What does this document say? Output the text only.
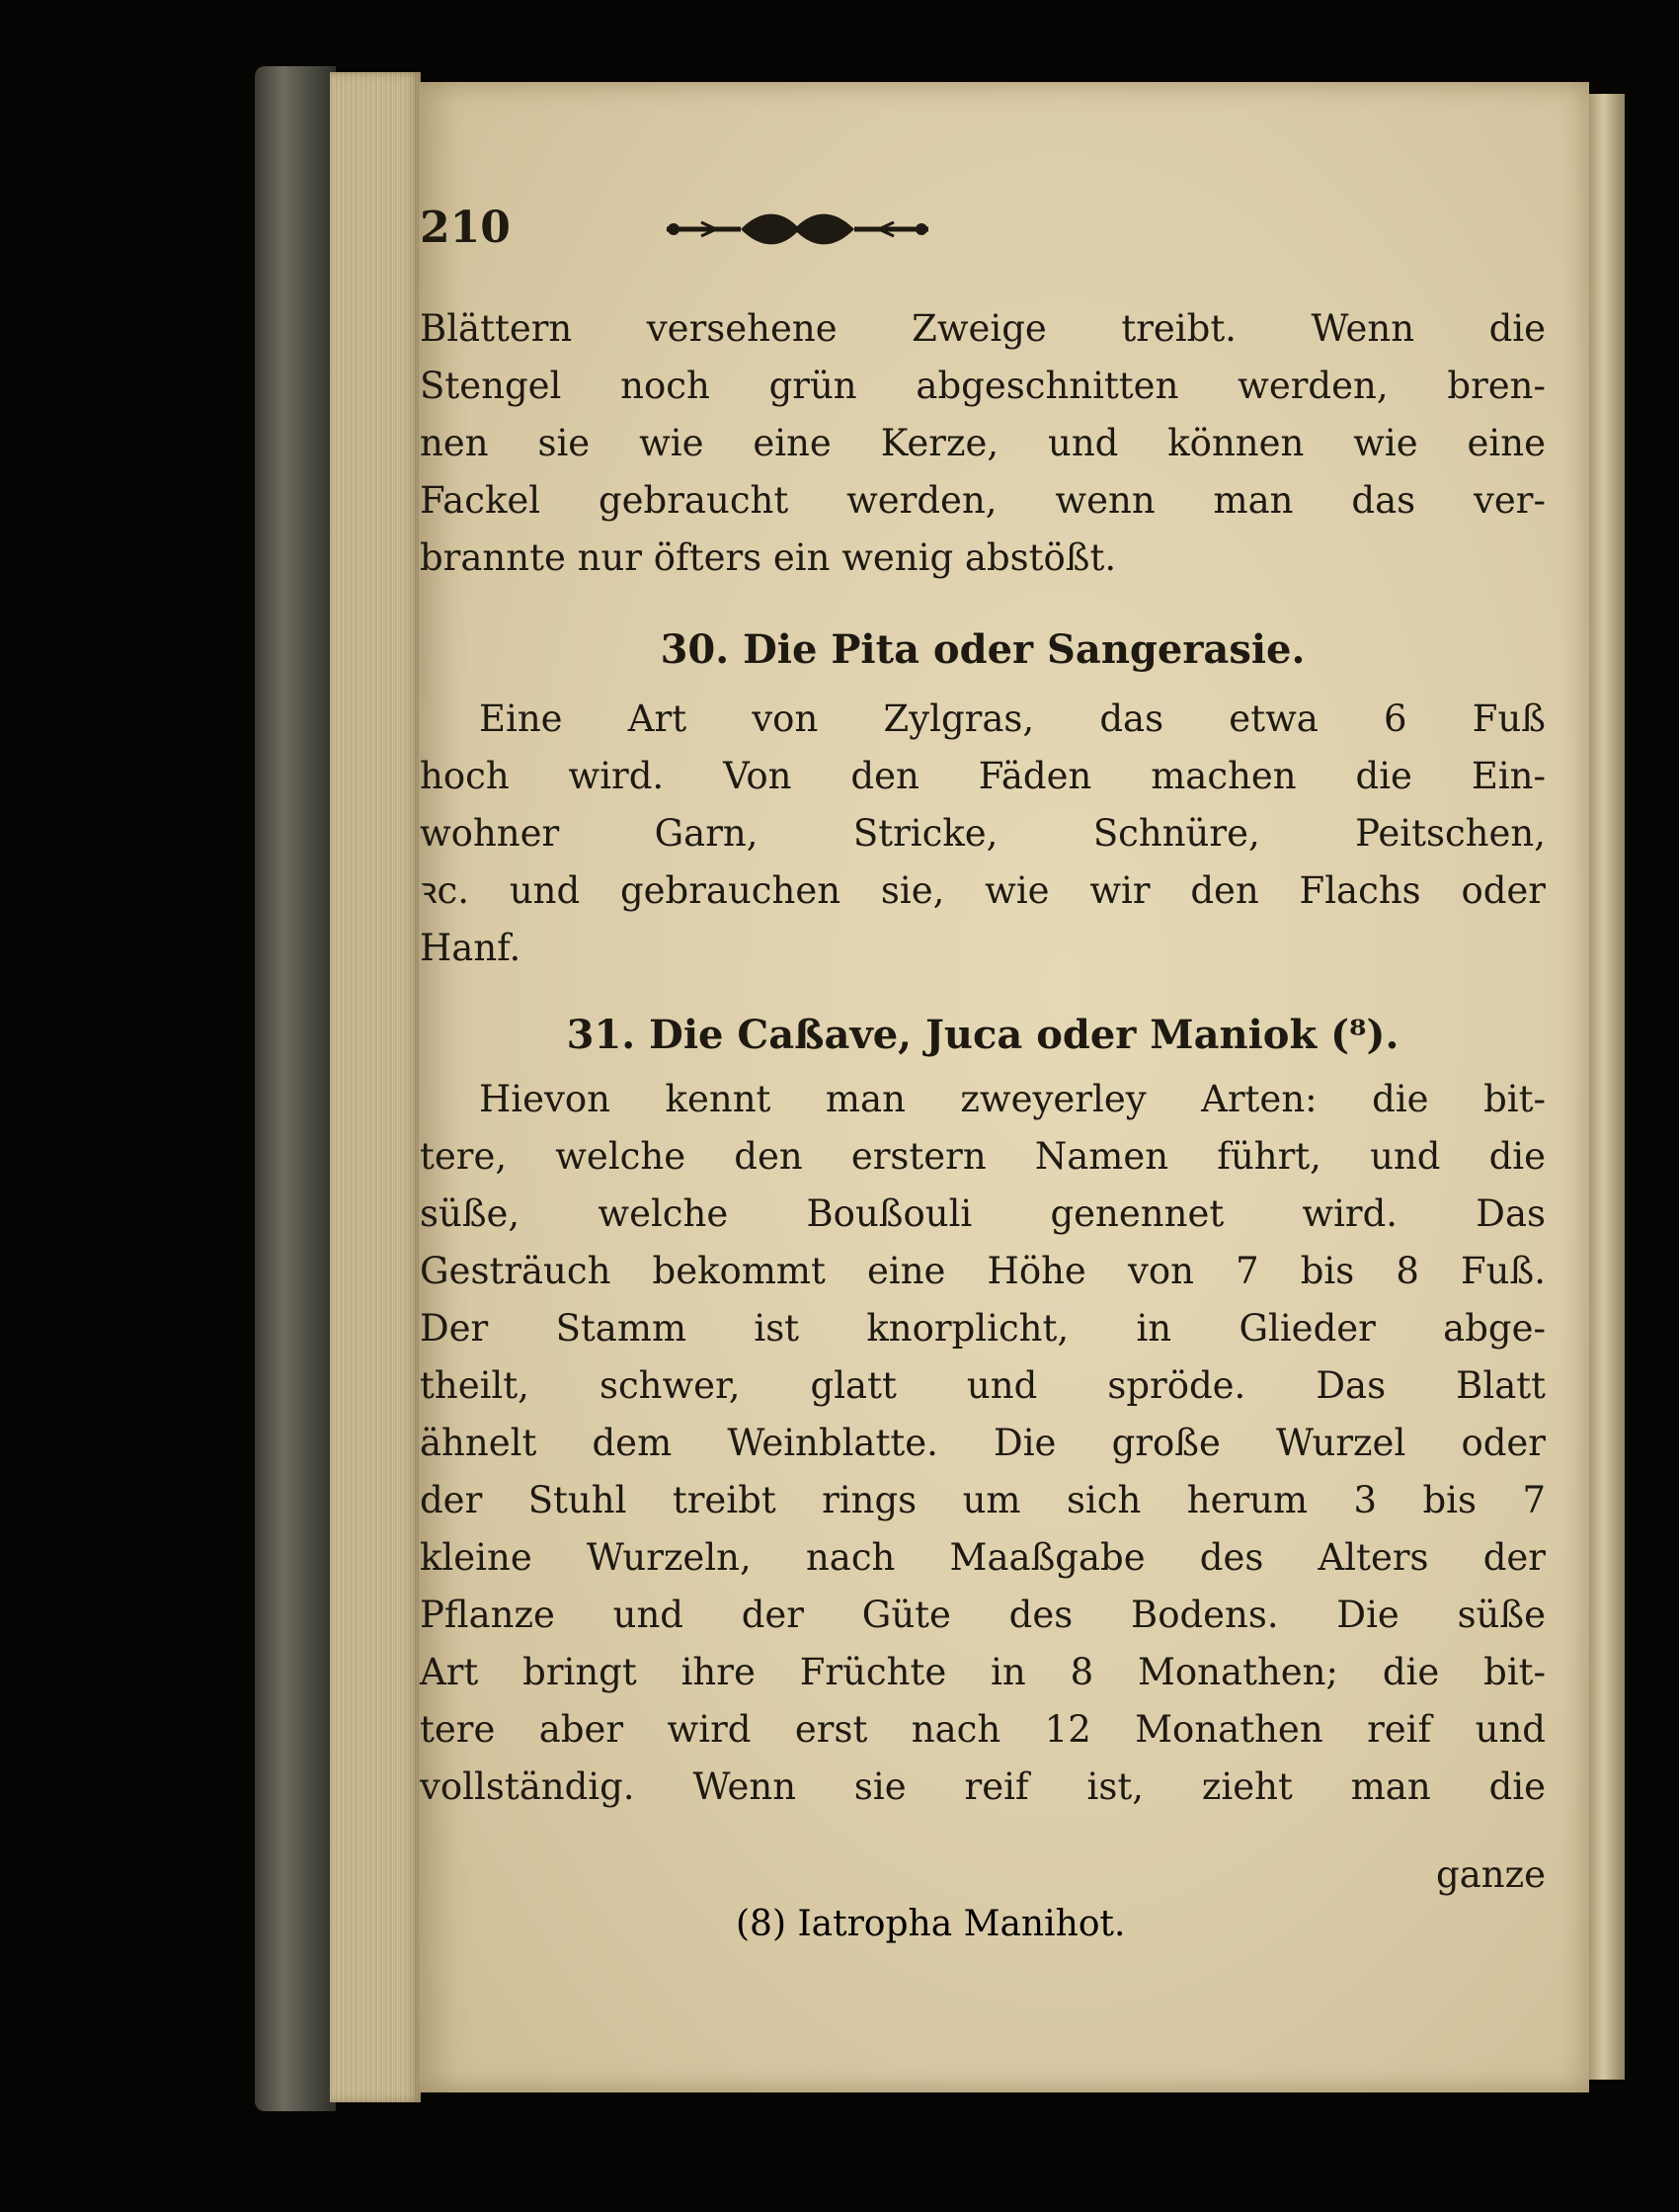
210
Blättern versehene Zweige treibt. Wenn die
Stengel noch grün abgeschnitten werden, bren-
nen sie wie eine Kerze, und können wie eine
Fackel gebraucht werden, wenn man das ver-
brannte nur öfters ein wenig abstößt.
30. Die Pita oder Sangerasie.
Eine Art von Zylgras, das etwa 6 Fuß
hoch wird. Von den Fäden machen die Ein-
wohner Garn, Stricke, Schnüre, Peitschen,
ꝛc. und gebrauchen sie, wie wir den Flachs oder
Hanf.
31. Die Caßave, Juca oder Maniok (⁸).
Hievon kennt man zweyerley Arten: die bit-
tere, welche den erstern Namen führt, und die
süße, welche Boußouli genennet wird. Das
Gesträuch bekommt eine Höhe von 7 bis 8 Fuß.
Der Stamm ist knorplicht, in Glieder abge-
theilt, schwer, glatt und spröde. Das Blatt
ähnelt dem Weinblatte. Die große Wurzel oder
der Stuhl treibt rings um sich herum 3 bis 7
kleine Wurzeln, nach Maaßgabe des Alters der
Pflanze und der Güte des Bodens. Die süße
Art bringt ihre Früchte in 8 Monathen; die bit-
tere aber wird erst nach 12 Monathen reif und
vollständig. Wenn sie reif ist, zieht man die
ganze
(8) Iatropha Manihot.
